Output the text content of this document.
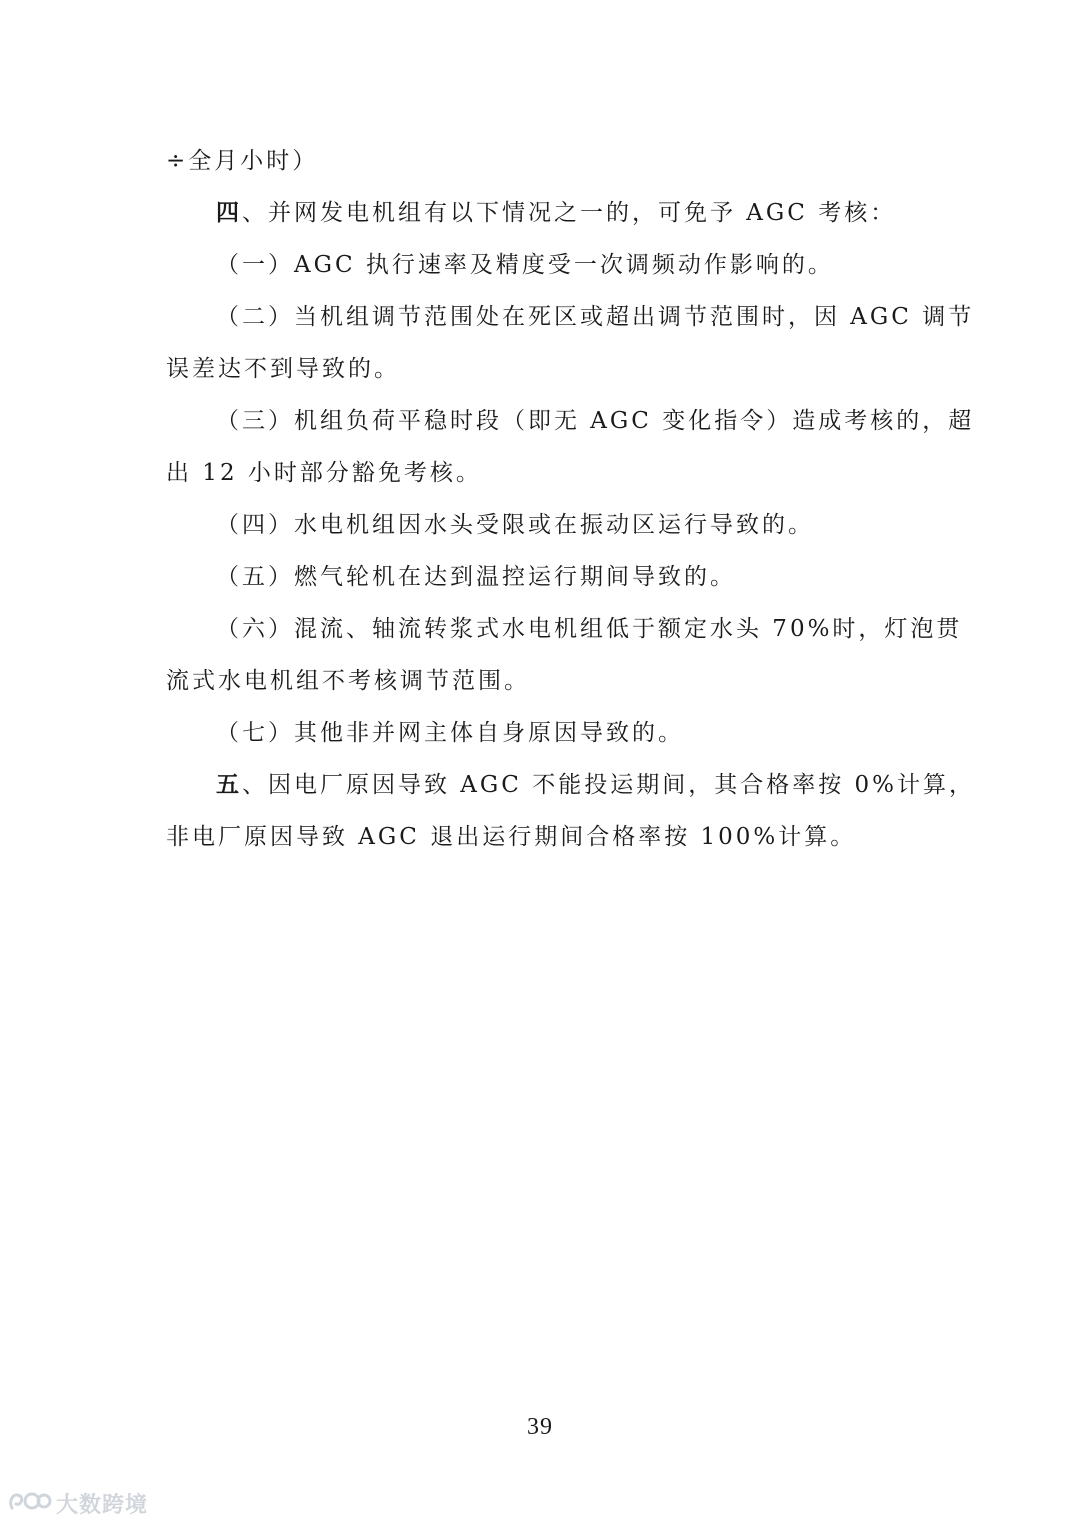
÷全月小时）
四、并网发电机组有以下情况之一的，可免予 AGC 考核：
（一）AGC 执行速率及精度受一次调频动作影响的。
（二）当机组调节范围处在死区或超出调节范围时，因 AGC 调节
误差达不到导致的。
（三）机组负荷平稳时段（即无 AGC 变化指令）造成考核的，超
出 12 小时部分豁免考核。
（四）水电机组因水头受限或在振动区运行导致的。
（五）燃气轮机在达到温控运行期间导致的。
（六）混流、轴流转浆式水电机组低于额定水头 70%时，灯泡贯
流式水电机组不考核调节范围。
（七）其他非并网主体自身原因导致的。
五、因电厂原因导致 AGC 不能投运期间，其合格率按 0%计算，
非电厂原因导致 AGC 退出运行期间合格率按 100%计算。
39
大数跨境
